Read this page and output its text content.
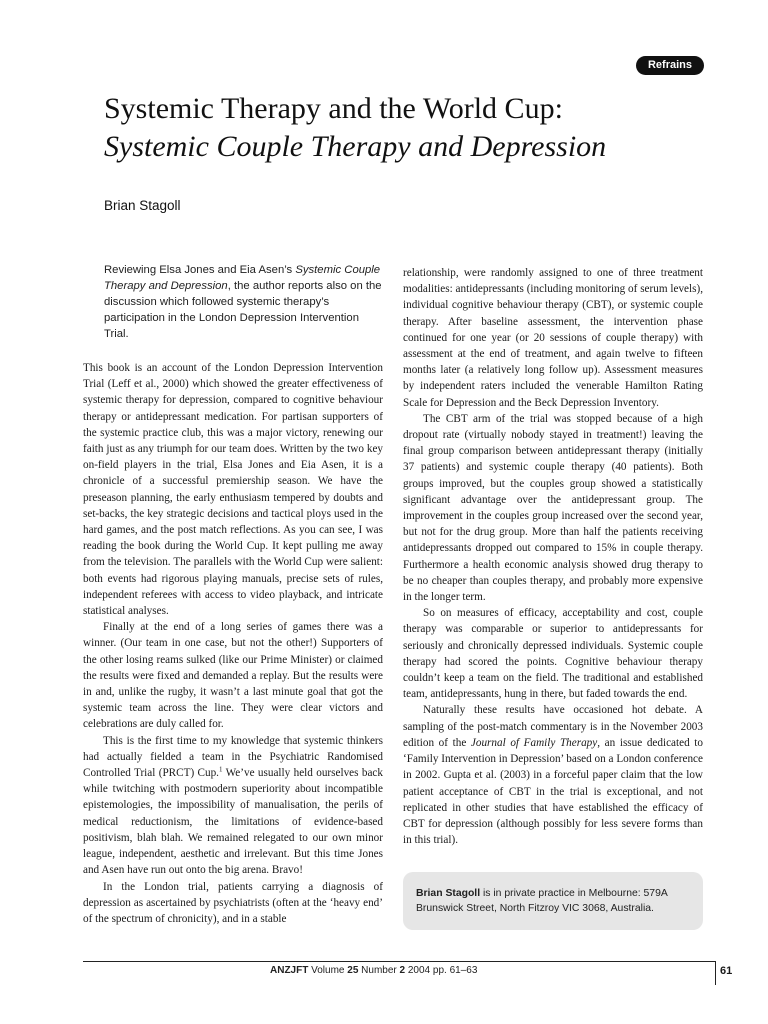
Refrains
Systemic Therapy and the World Cup:
Systemic Couple Therapy and Depression

Brian Stagoll

Reviewing Elsa Jones and Eia Asen’s Systemic Couple Therapy and Depression, the author reports also on the discussion which followed systemic therapy’s participation in the London Depression Intervention Trial.

This book is an account of the London Depression Intervention Trial (Leff et al., 2000) which showed the greater effectiveness of systemic therapy for depression, compared to cognitive behaviour therapy or antidepressant medication. For partisan supporters of the systemic practice club, this was a major victory, renewing our faith just as any triumph for our team does. Written by the two key on-field players in the trial, Elsa Jones and Eia Asen, it is a chronicle of a successful premiership season. We have the preseason planning, the early enthusiasm tempered by doubts and set-backs, the key strategic decisions and tactical ploys used in the hard games, and the post match reflections. As you can see, I was reading the book during the World Cup. It kept pulling me away from the television. The parallels with the World Cup were salient: both events had rigorous playing manuals, precise sets of rules, independent referees with access to video playback, and intricate statistical analyses.

Finally at the end of a long series of games there was a winner. (Our team in one case, but not the other!) Supporters of the other losing reams sulked (like our Prime Minister) or claimed the results were fixed and demanded a replay. But the results were in and, unlike the rugby, it wasn’t a last minute goal that got the systemic team across the line. They were clear victors and celebrations are duly called for.

This is the first time to my knowledge that systemic thinkers had actually fielded a team in the Psychiatric Randomised Controlled Trial (PRCT) Cup.$^1$ We’ve usually held ourselves back while twitching with postmodern superiority about incompatible epistemologies, the impossibility of manualisation, the perils of medical reductionism, the limitations of evidence-based positivism, blah blah. We remained relegated to our own minor league, independent, aesthetic and irrelevant. But this time Jones and Asen have run out onto the big arena. Bravo!

In the London trial, patients carrying a diagnosis of depression as ascertained by psychiatrists (often at the ‘heavy end’ of the spectrum of chronicity), and in a stable

relationship, were randomly assigned to one of three treatment modalities: antidepressants (including monitoring of serum levels), individual cognitive behaviour therapy (CBT), or systemic couple therapy. After baseline assessment, the intervention phase continued for one year (or 20 sessions of couple therapy) with assessment at the end of treatment, and again twelve to fifteen months later (a relatively long follow up). Assessment measures by independent raters included the venerable Hamilton Rating Scale for Depression and the Beck Depression Inventory.

The CBT arm of the trial was stopped because of a high dropout rate (virtually nobody stayed in treatment!) leaving the final group comparison between antidepressant therapy (initially 37 patients) and systemic couple therapy (40 patients). Both groups improved, but the couples group showed a statistically significant advantage over the antidepressant group. The improvement in the couples group increased over the second year, but not for the drug group. More than half the patients receiving antidepressants dropped out compared to 15% in couple therapy. Furthermore a health economic analysis showed drug therapy to be no cheaper than couples therapy, and probably more expensive in the longer term.

So on measures of efficacy, acceptability and cost, couple therapy was comparable or superior to antidepressants for seriously and chronically depressed individuals. Systemic couple therapy had scored the points. Cognitive behaviour therapy couldn’t keep a team on the field. The traditional and established team, antidepressants, hung in there, but faded towards the end.

Naturally these results have occasioned hot debate. A sampling of the post-match commentary is in the November 2003 edition of the Journal of Family Therapy, an issue dedicated to ‘Family Intervention in Depression’ based on a London conference in 2002. Gupta et al. (2003) in a forceful paper claim that the low patient acceptance of CBT in the trial is exceptional, and not replicated in other studies that have established the efficacy of CBT for depression (although possibly for less severe forms than in this trial).

Brian Stagoll is in private practice in Melbourne: 579A Brunswick Street, North Fitzroy VIC 3068, Australia.
ANZJFT Volume 25 Number 2 2004 pp. 61–63	61
